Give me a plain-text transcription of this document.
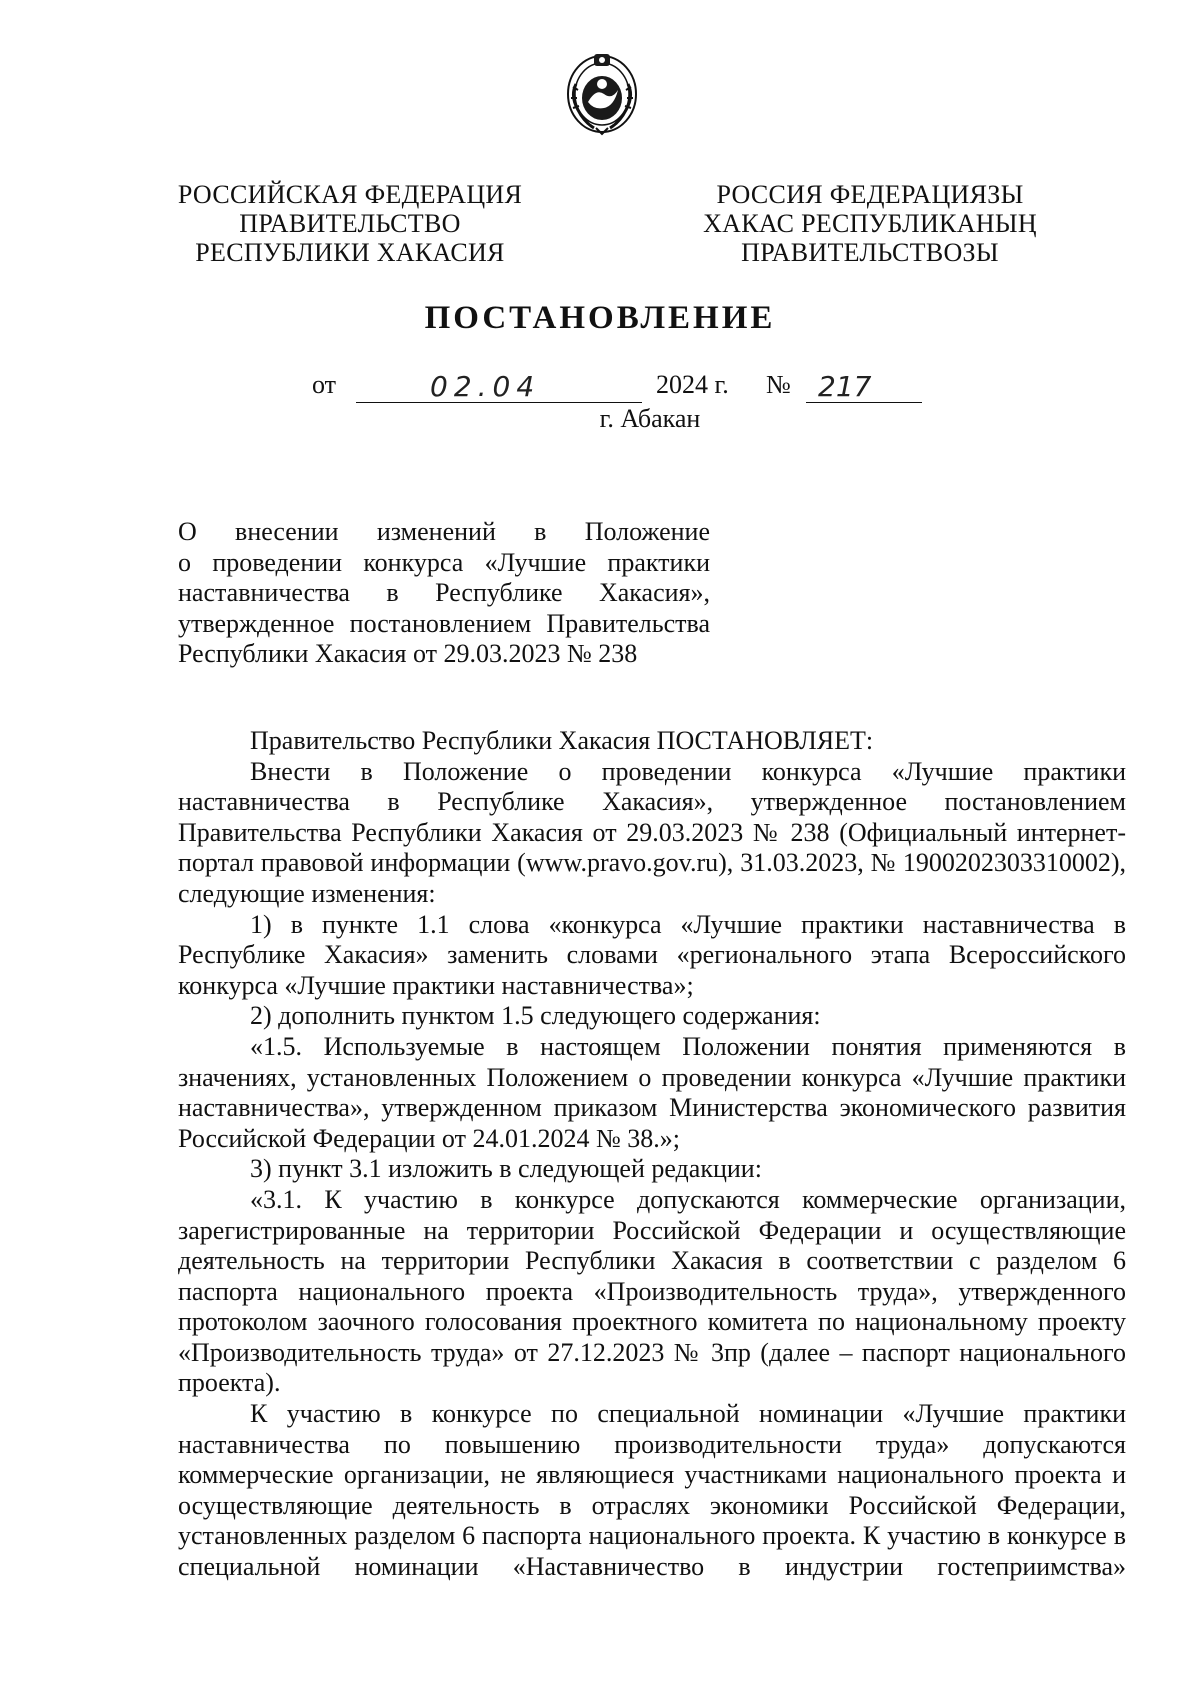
РОССИЙСКАЯ ФЕДЕРАЦИЯ
ПРАВИТЕЛЬСТВО
РЕСПУБЛИКИ ХАКАСИЯ
РОССИЯ ФЕДЕРАЦИЯЗЫ
ХАКАС РЕСПУБЛИКАНЫҢ
ПРАВИТЕЛЬСТВОЗЫ
ПОСТАНОВЛЕНИЕ
от	02.04	2024 г. № 217
г. Абакан

О внесении изменений в Положение

о проведении конкурса «Лучшие практики

наставничества в Республике Хакасия»,

утвержденное постановлением Правительства

Республики Хакасия от 29.03.2023 № 238

Правительство Республики Хакасия ПОСТАНОВЛЯЕТ:

Внести в Положение о проведении конкурса «Лучшие практики наставничества в Республике Хакасия», утвержденное постановлением Правительства Республики Хакасия от 29.03.2023 № 238 (Официальный интернет-портал правовой информации (www.pravo.gov.ru), 31.03.2023, № 1900202303310002), следующие изменения:

1) в пункте 1.1 слова «конкурса «Лучшие практики наставничества в Республике Хакасия» заменить словами «регионального этапа Всероссийского конкурса «Лучшие практики наставничества»;

2) дополнить пунктом 1.5 следующего содержания:

«1.5. Используемые в настоящем Положении понятия применяются в значениях, установленных Положением о проведении конкурса «Лучшие практики наставничества», утвержденном приказом Министерства экономического развития Российской Федерации от 24.01.2024 № 38.»;

3) пункт 3.1 изложить в следующей редакции:

«3.1. К участию в конкурсе допускаются коммерческие организации, зарегистрированные на территории Российской Федерации и осуществляющие деятельность на территории Республики Хакасия в соответствии с разделом 6 паспорта национального проекта «Производительность труда», утвержденного протоколом заочного голосования проектного комитета по национальному проекту «Производительность труда» от 27.12.2023 № 3пр (далее – паспорт национального проекта).

К участию в конкурсе по специальной номинации «Лучшие практики наставничества по повышению производительности труда» допускаются коммерческие организации, не являющиеся участниками национального проекта и осуществляющие деятельность в отраслях экономики Российской Федерации, установленных разделом 6 паспорта национального проекта. К участию в конкурсе в специальной номинации «Наставничество в индустрии гостеприимства»
